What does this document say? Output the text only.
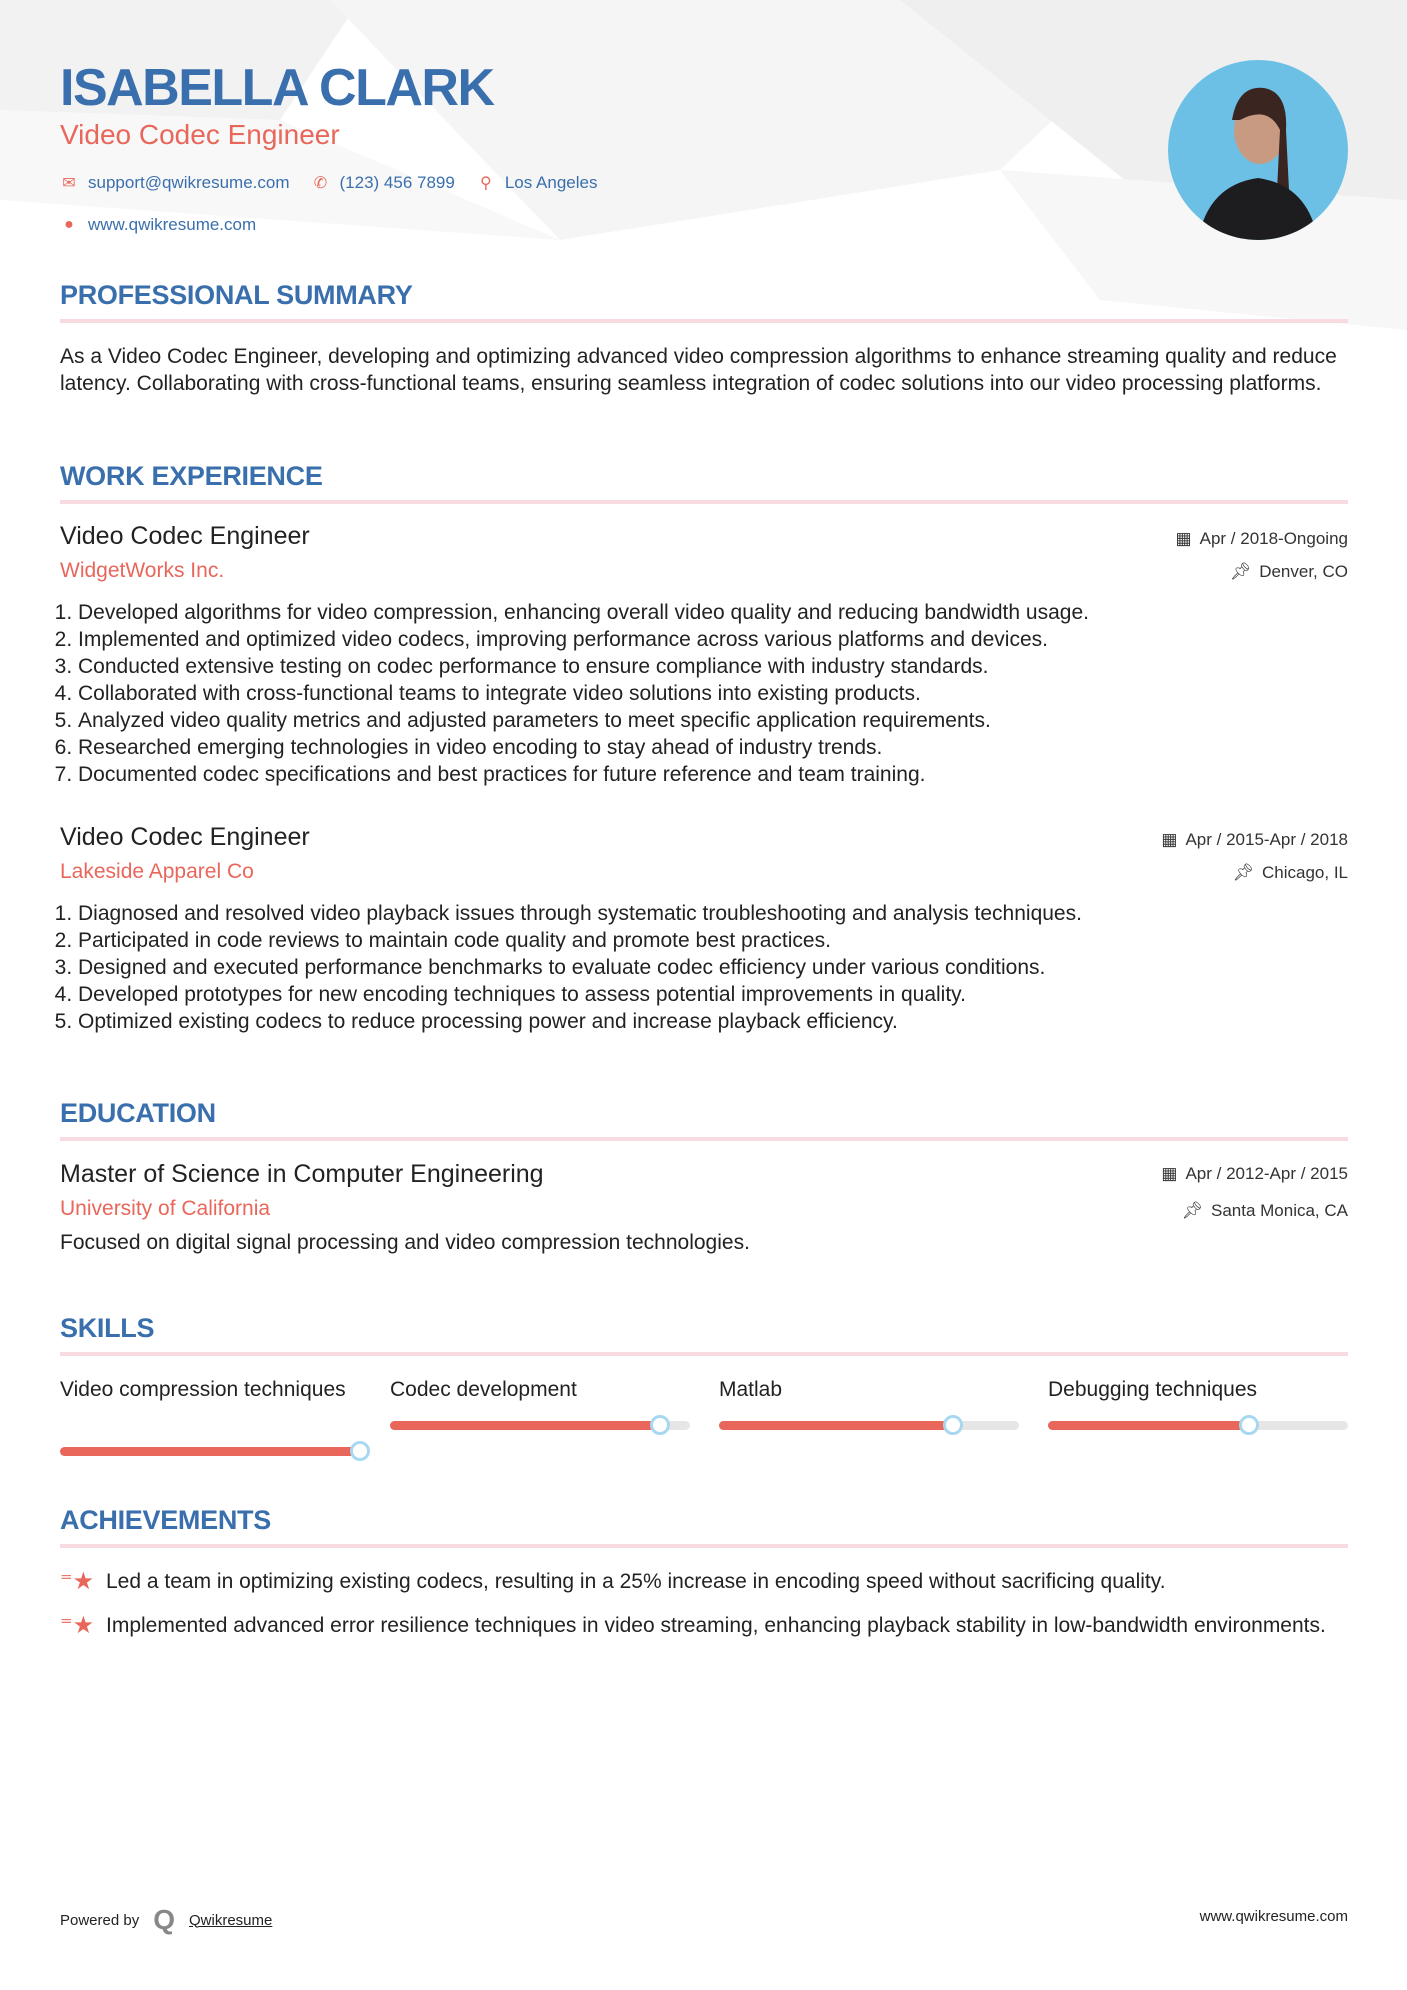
ISABELLA CLARK
Video Codec Engineer
✉ support@qwikresume.com ✆ (123) 456 7899 ⚲ Los Angeles
● www.qwikresume.com
PROFESSIONAL SUMMARY

As a Video Codec Engineer, developing and optimizing advanced video compression algorithms to enhance streaming quality and reduce latency. Collaborating with cross-functional teams, ensuring seamless integration of codec solutions into our video processing platforms.

WORK EXPERIENCE
Video Codec Engineer
WidgetWorks Inc.
▦ Apr / 2018-Ongoing
📌︎ Denver, CO
1. Developed algorithms for video compression, enhancing overall video quality and reducing bandwidth usage.
2. Implemented and optimized video codecs, improving performance across various platforms and devices.
3. Conducted extensive testing on codec performance to ensure compliance with industry standards.
4. Collaborated with cross-functional teams to integrate video solutions into existing products.
5. Analyzed video quality metrics and adjusted parameters to meet specific application requirements.
6. Researched emerging technologies in video encoding to stay ahead of industry trends.
7. Documented codec specifications and best practices for future reference and team training.
Video Codec Engineer
Lakeside Apparel Co
▦ Apr / 2015-Apr / 2018
📌︎ Chicago, IL
1. Diagnosed and resolved video playback issues through systematic troubleshooting and analysis techniques.
2. Participated in code reviews to maintain code quality and promote best practices.
3. Designed and executed performance benchmarks to evaluate codec efficiency under various conditions.
4. Developed prototypes for new encoding techniques to assess potential improvements in quality.
5. Optimized existing codecs to reduce processing power and increase playback efficiency.
EDUCATION
Master of Science in Computer Engineering
University of California
▦ Apr / 2012-Apr / 2015
📌︎ Santa Monica, CA

Focused on digital signal processing and video compression technologies.

SKILLS
Video compression techniques	Codec development	Matlab	Debugging techniques
ACHIEVEMENTS
⁼★ Led a team in optimizing existing codecs, resulting in a 25% increase in encoding speed without sacrificing quality.
⁼★ Implemented advanced error resilience techniques in video streaming, enhancing playback stability in low-bandwidth environments.
Powered by Q Qwikresume	www.qwikresume.com
